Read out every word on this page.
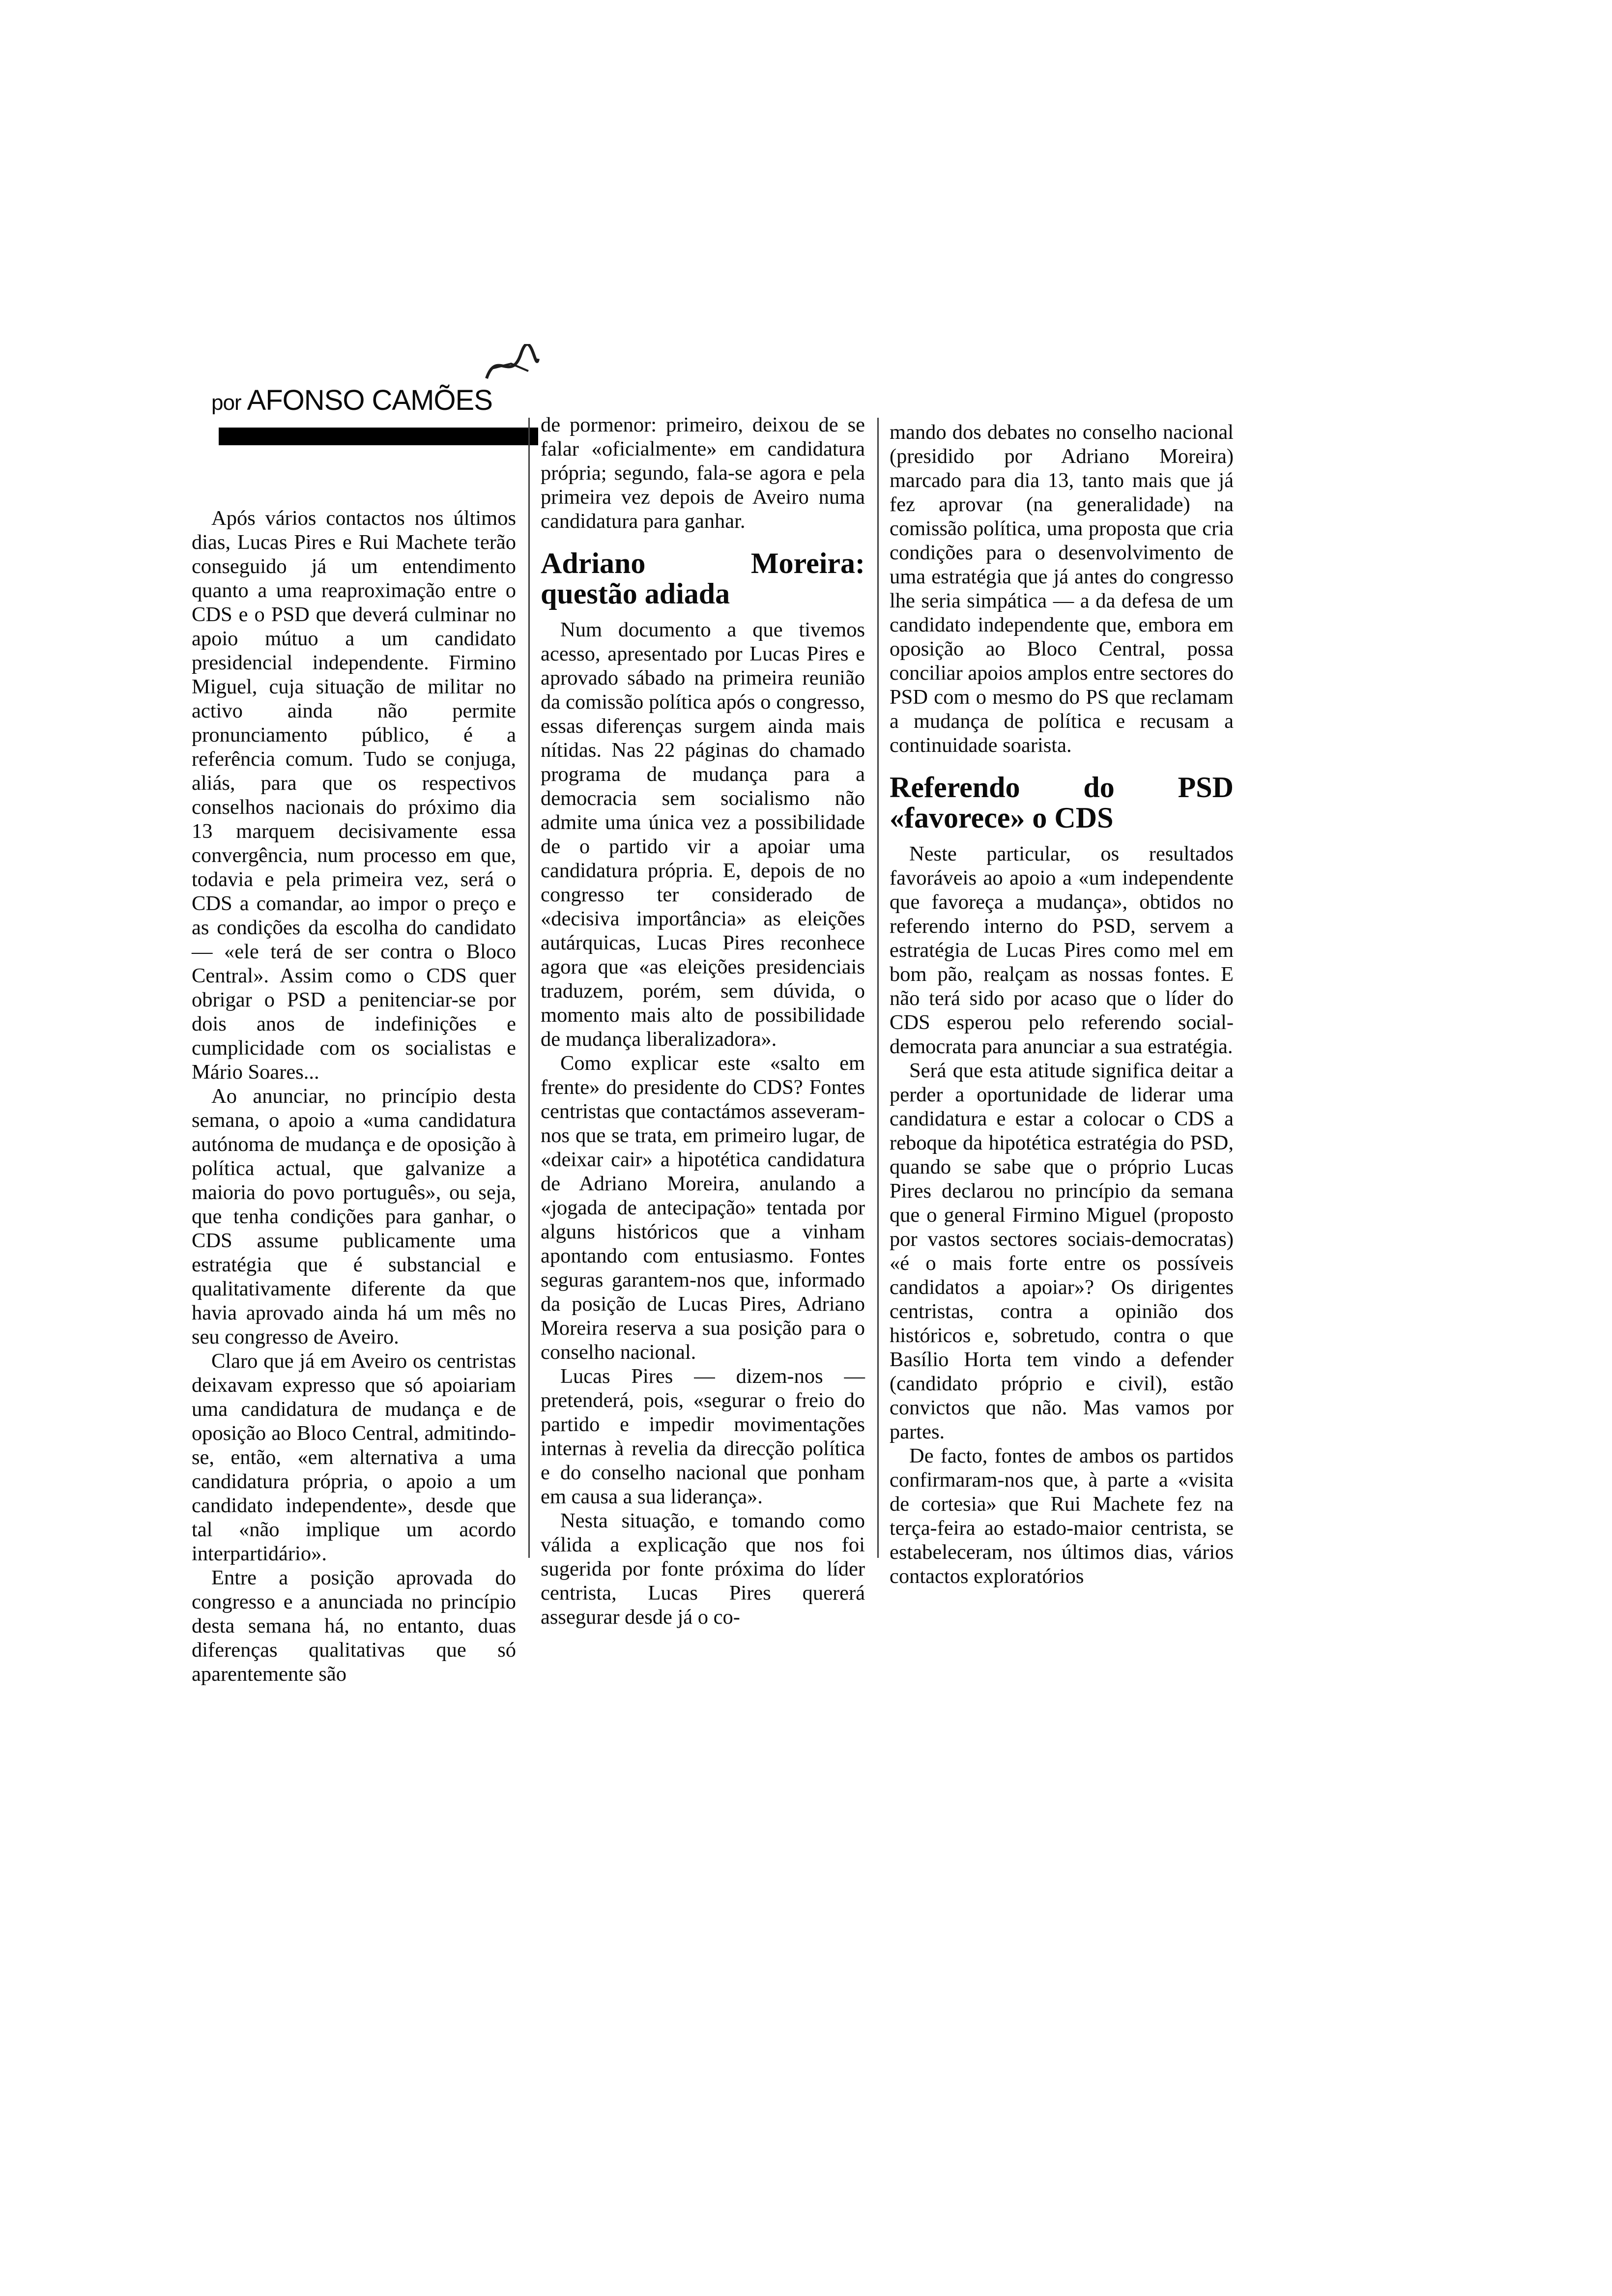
por AFONSO CAMÕES

Após vários contactos nos últimos dias, Lucas Pires e Rui Machete terão conseguido já um entendimento quanto a uma reaproximação entre o CDS e o PSD que deverá culminar no apoio mútuo a um candidato presidencial independente. Firmino Miguel, cuja situação de militar no activo ainda não permite pronunciamento público, é a referência comum. Tudo se conjuga, aliás, para que os respectivos conselhos nacionais do próximo dia 13 marquem decisivamente essa convergência, num processo em que, todavia e pela primeira vez, será o CDS a comandar, ao impor o preço e as condições da escolha do candidato — «ele terá de ser contra o Bloco Central». Assim como o CDS quer obrigar o PSD a penitenciar-se por dois anos de indefinições e cumplicidade com os socialistas e Mário Soares...

Ao anunciar, no princípio desta semana, o apoio a «uma candidatura autónoma de mudança e de oposição à política actual, que galvanize a maioria do povo português», ou seja, que tenha condições para ganhar, o CDS assume publicamente uma estratégia que é substancial e qualitativamente diferente da que havia aprovado ainda há um mês no seu congresso de Aveiro.

Claro que já em Aveiro os centristas deixavam expresso que só apoiariam uma candidatura de mudança e de oposição ao Bloco Central, admitindo-se, então, «em alternativa a uma candidatura própria, o apoio a um candidato independente», desde que tal «não implique um acordo interpartidário».

Entre a posição aprovada do congresso e a anunciada no princípio desta semana há, no entanto, duas diferenças qualitativas que só aparentemente são

de pormenor: primeiro, deixou de se falar «oficialmente» em candidatura própria; segundo, fala-se agora e pela primeira vez depois de Aveiro numa candidatura para ganhar.

Adriano Moreira: questão adiada

Num documento a que tivemos acesso, apresentado por Lucas Pires e aprovado sábado na primeira reunião da comissão política após o congresso, essas diferenças surgem ainda mais nítidas. Nas 22 páginas do chamado programa de mudança para a democracia sem socialismo não admite uma única vez a possibilidade de o partido vir a apoiar uma candidatura própria. E, depois de no congresso ter considerado de «decisiva importância» as eleições autárquicas, Lucas Pires reconhece agora que «as eleições presidenciais traduzem, porém, sem dúvida, o momento mais alto de possibilidade de mudança liberalizadora».

Como explicar este «salto em frente» do presidente do CDS? Fontes centristas que contactámos asseveram-nos que se trata, em primeiro lugar, de «deixar cair» a hipotética candidatura de Adriano Moreira, anulando a «jogada de antecipação» tentada por alguns históricos que a vinham apontando com entusiasmo. Fontes seguras garantem-nos que, informado da posição de Lucas Pires, Adriano Moreira reserva a sua posição para o conselho nacional.

Lucas Pires — dizem-nos — pretenderá, pois, «segurar o freio do partido e impedir movimentações internas à revelia da direcção política e do conselho nacional que ponham em causa a sua liderança».

Nesta situação, e tomando como válida a explicação que nos foi sugerida por fonte próxima do líder centrista, Lucas Pires quererá assegurar desde já o co-

mando dos debates no conselho nacional (presidido por Adriano Moreira) marcado para dia 13, tanto mais que já fez aprovar (na generalidade) na comissão política, uma proposta que cria condições para o desenvolvimento de uma estratégia que já antes do congresso lhe seria simpática — a da defesa de um candidato independente que, embora em oposição ao Bloco Central, possa conciliar apoios amplos entre sectores do PSD com o mesmo do PS que reclamam a mudança de política e recusam a continuidade soarista.

Referendo do PSD «favorece» o CDS

Neste particular, os resultados favoráveis ao apoio a «um independente que favoreça a mudança», obtidos no referendo interno do PSD, servem a estratégia de Lucas Pires como mel em bom pão, realçam as nossas fontes. E não terá sido por acaso que o líder do CDS esperou pelo referendo social-democrata para anunciar a sua estratégia.

Será que esta atitude significa deitar a perder a oportunidade de liderar uma candidatura e estar a colocar o CDS a reboque da hipotética estratégia do PSD, quando se sabe que o próprio Lucas Pires declarou no princípio da semana que o general Firmino Miguel (proposto por vastos sectores sociais-democratas) «é o mais forte entre os possíveis candidatos a apoiar»? Os dirigentes centristas, contra a opinião dos históricos e, sobretudo, contra o que Basílio Horta tem vindo a defender (candidato próprio e civil), estão convictos que não. Mas vamos por partes.

De facto, fontes de ambos os partidos confirmaram-nos que, à parte a «visita de cortesia» que Rui Machete fez na terça-feira ao estado-maior centrista, se estabeleceram, nos últimos dias, vários contactos exploratórios
